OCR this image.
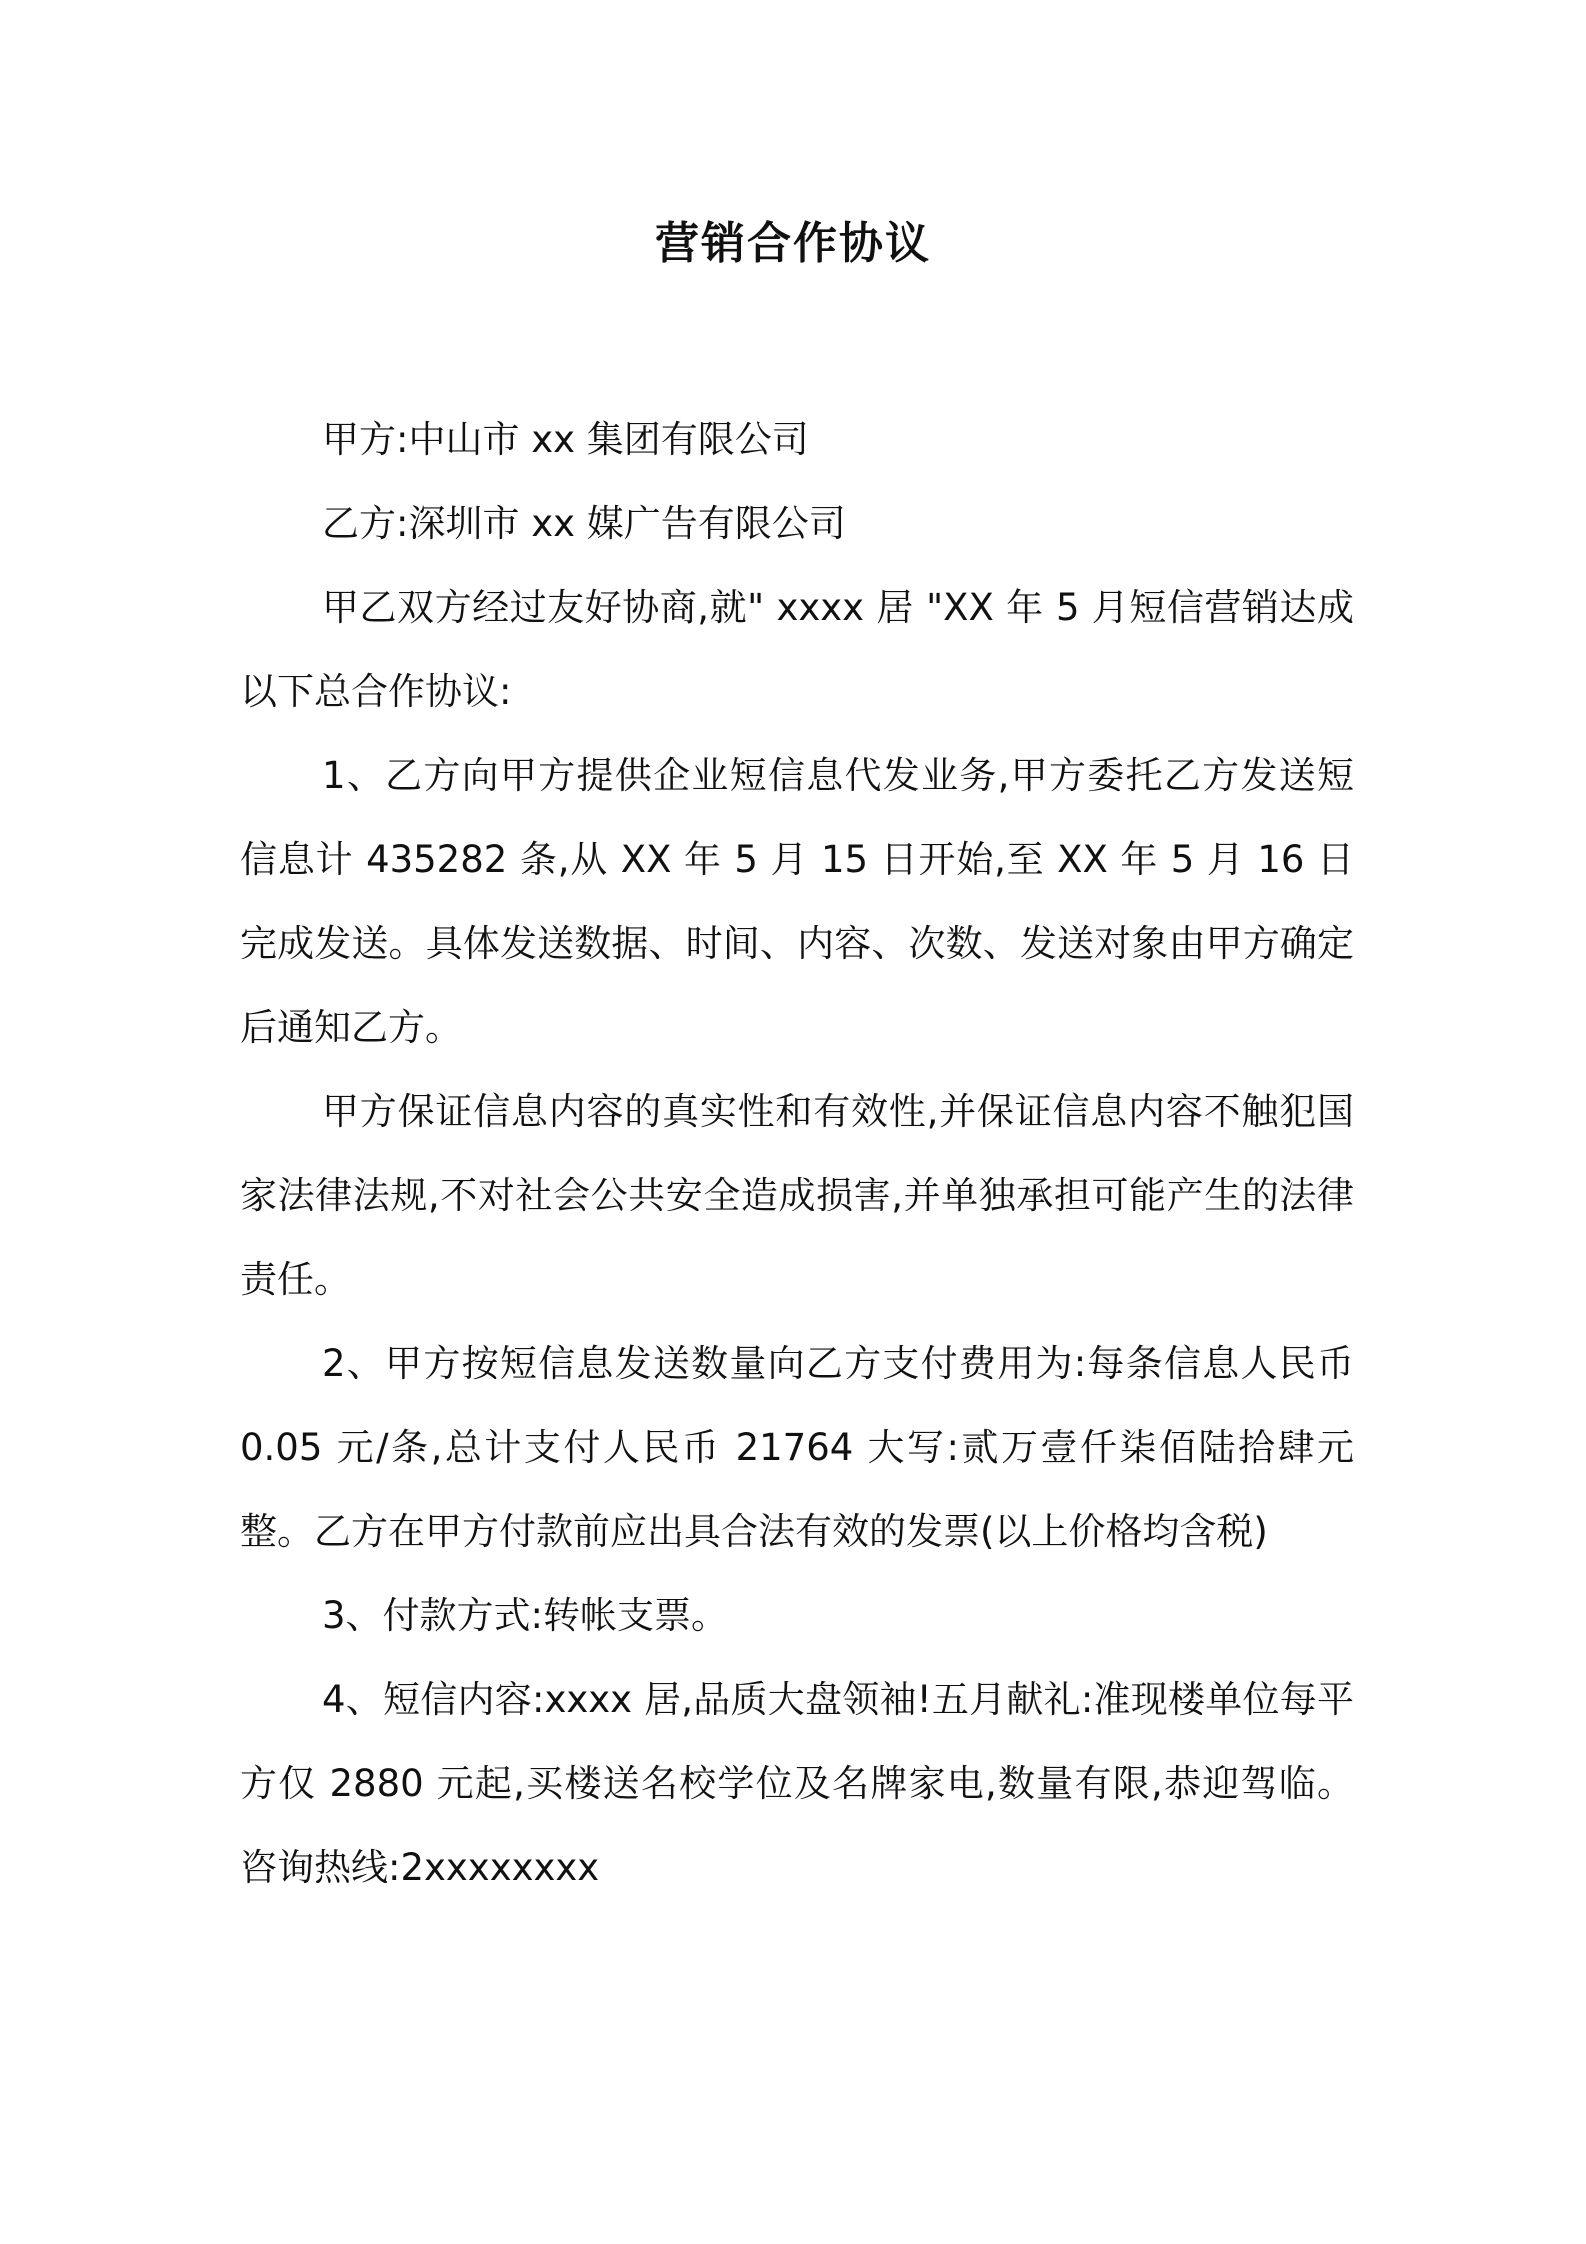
营销合作协议

甲方:中山市 xx 集团有限公司

乙方:深圳市 xx 媒广告有限公司

甲乙双方经过友好协商,就" xxxx 居 "XX 年 5 月短信营销达成以下总合作协议:

1、乙方向甲方提供企业短信息代发业务,甲方委托乙方发送短信息计 435282 条,从 XX 年 5 月 15 日开始,至 XX 年 5 月 16 日完成发送。具体发送数据、时间、内容、次数、发送对象由甲方确定后通知乙方。

甲方保证信息内容的真实性和有效性,并保证信息内容不触犯国家法律法规,不对社会公共安全造成损害,并单独承担可能产生的法律责任。

2、甲方按短信息发送数量向乙方支付费用为:每条信息人民币 0.05 元/条,总计支付人民币 21764 大写:贰万壹仟柒佰陆拾肆元整。乙方在甲方付款前应出具合法有效的发票(以上价格均含税)

3、付款方式:转帐支票。

4、短信内容:xxxx 居,品质大盘领袖!五月献礼:准现楼单位每平方仅 2880 元起,买楼送名校学位及名牌家电,数量有限,恭迎驾临。咨询热线:2xxxxxxxx
